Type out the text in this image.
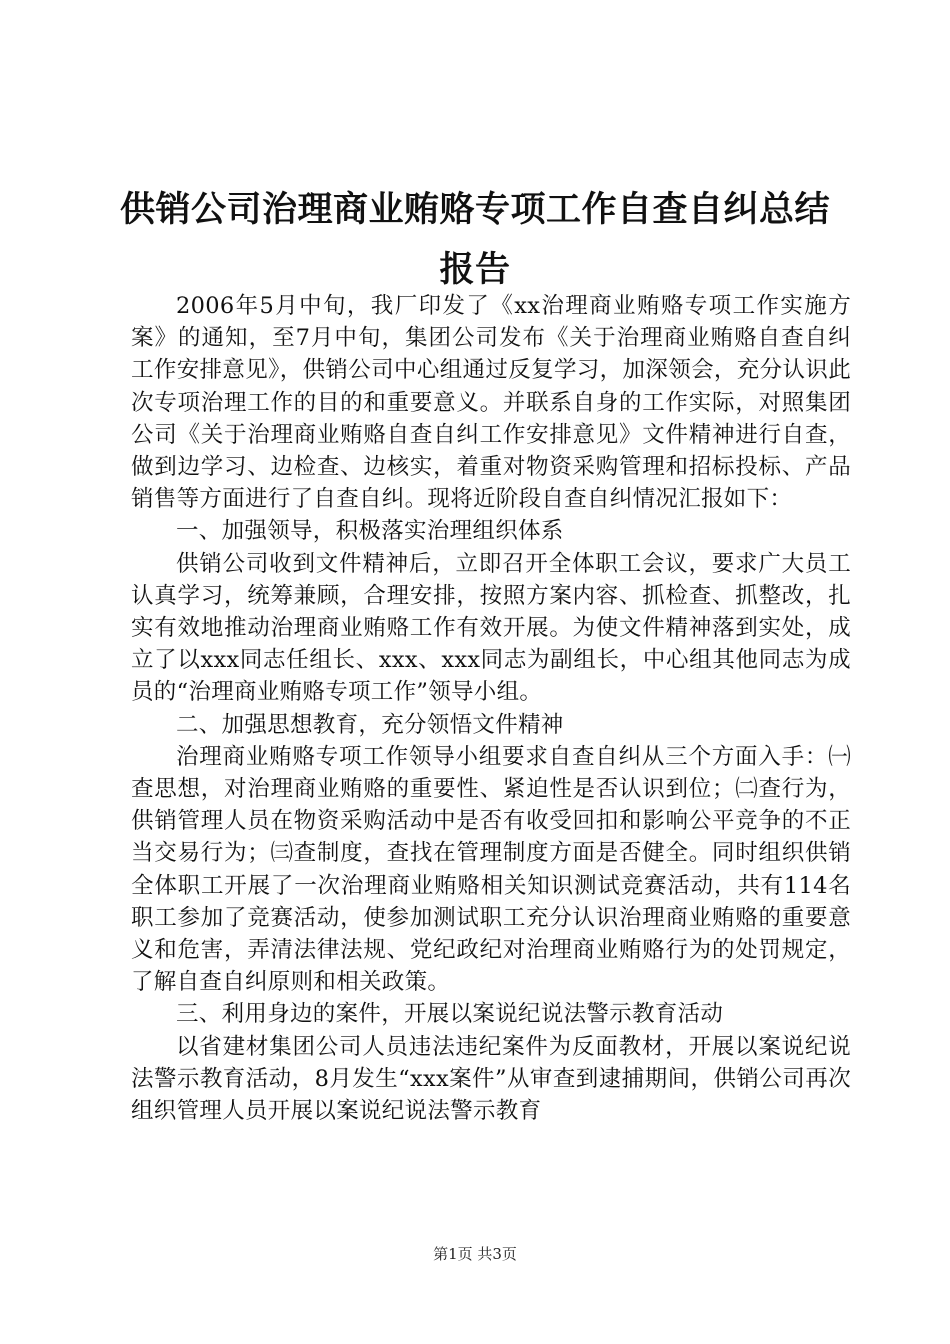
供销公司治理商业贿赂专项工作自查自纠总结报告

2006年5月中旬，我厂印发了《xx治理商业贿赂专项工作实施方案》的通知，至7月中旬，集团公司发布《关于治理商业贿赂自查自纠工作安排意见》，供销公司中心组通过反复学习，加深领会，充分认识此次专项治理工作的目的和重要意义。并联系自身的工作实际，对照集团公司《关于治理商业贿赂自查自纠工作安排意见》文件精神进行自查，做到边学习、边检查、边核实，着重对物资采购管理和招标投标、产品销售等方面进行了自查自纠。现将近阶段自查自纠情况汇报如下：

一、加强领导，积极落实治理组织体系

供销公司收到文件精神后，立即召开全体职工会议，要求广大员工认真学习，统筹兼顾，合理安排，按照方案内容、抓检查、抓整改，扎实有效地推动治理商业贿赂工作有效开展。为使文件精神落到实处，成立了以xxx同志任组长、xxx、xxx同志为副组长，中心组其他同志为成员的“治理商业贿赂专项工作”领导小组。

二、加强思想教育，充分领悟文件精神

治理商业贿赂专项工作领导小组要求自查自纠从三个方面入手：㈠查思想，对治理商业贿赂的重要性、紧迫性是否认识到位；㈡查行为，供销管理人员在物资采购活动中是否有收受回扣和影响公平竞争的不正当交易行为；㈢查制度，查找在管理制度方面是否健全。同时组织供销全体职工开展了一次治理商业贿赂相关知识测试竞赛活动，共有114名职工参加了竞赛活动，使参加测试职工充分认识治理商业贿赂的重要意义和危害，弄清法律法规、党纪政纪对治理商业贿赂行为的处罚规定，了解自查自纠原则和相关政策。

三、利用身边的案件，开展以案说纪说法警示教育活动

以省建材集团公司人员违法违纪案件为反面教材，开展以案说纪说法警示教育活动，8月发生“xxx案件”从审查到逮捕期间，供销公司再次组织管理人员开展以案说纪说法警示教育

第1页 共3页
